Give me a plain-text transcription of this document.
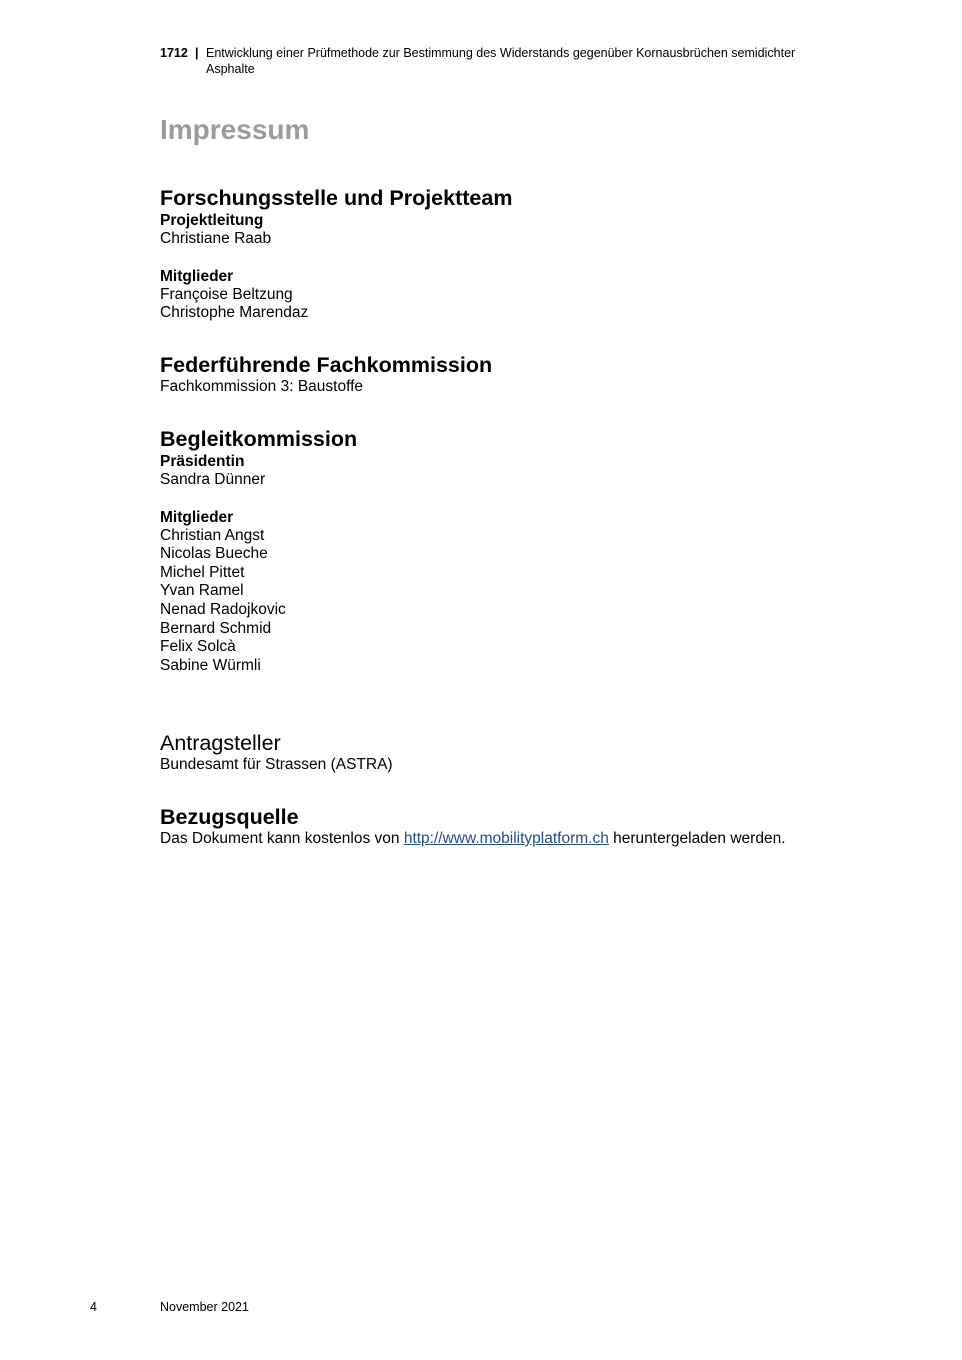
1712 | Entwicklung einer Prüfmethode zur Bestimmung des Widerstands gegenüber Kornausbrüchen semidichter
Asphalte
Impressum
Forschungsstelle und Projektteam
Projektleitung

Christiane Raab

Mitglieder

Françoise Beltzung

Christophe Marendaz

Federführende Fachkommission

Fachkommission 3: Baustoffe

Begleitkommission
Präsidentin

Sandra Dünner

Mitglieder

Christian Angst

Nicolas Bueche

Michel Pittet

Yvan Ramel

Nenad Radojkovic

Bernard Schmid

Felix Solcà

Sabine Würmli

Antragsteller

Bundesamt für Strassen (ASTRA)

Bezugsquelle

Das Dokument kann kostenlos von http://www.mobilityplatform.ch heruntergeladen werden.

4	November 2021
